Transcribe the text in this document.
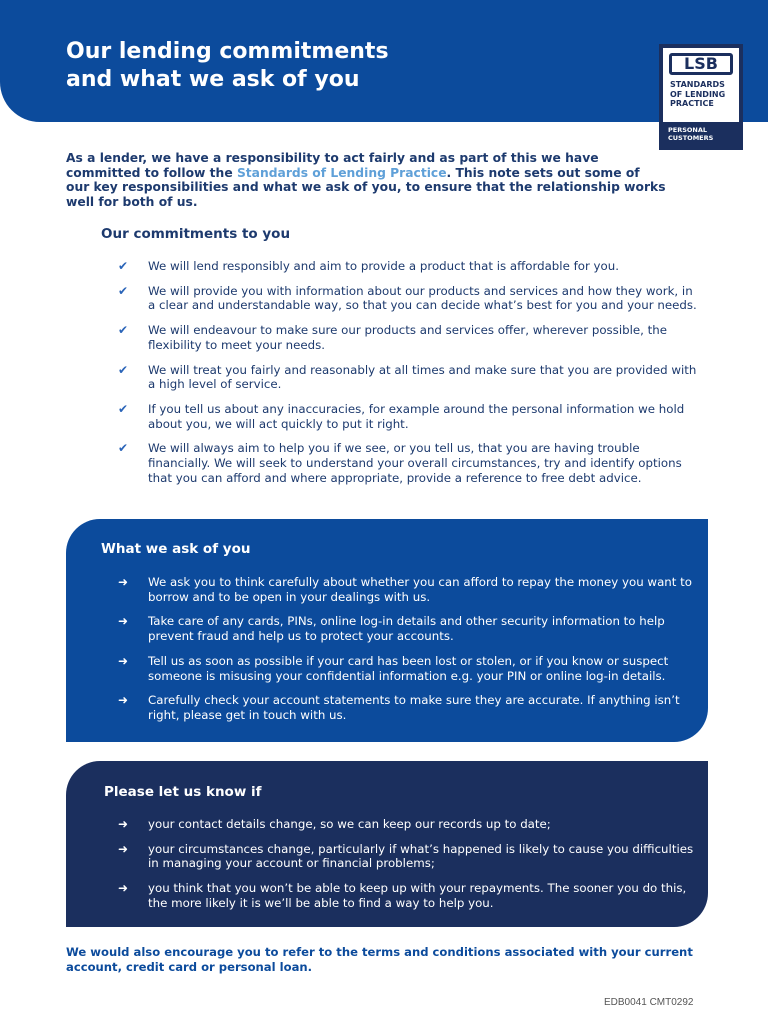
Our lending commitments
and what we ask of you
LSB
STANDARDS
OF LENDING
PRACTICE
PERSONAL
CUSTOMERS
As a lender, we have a responsibility to act fairly and as part of this we have committed to follow the Standards of Lending Practice. This note sets out some of our key responsibilities and what we ask of you, to ensure that the relationship works well for both of us.
Our commitments to you
✔	We will lend responsibly and aim to provide a product that is affordable for you.
✔	We will provide you with information about our products and services and how they work, in a clear and understandable way, so that you can decide what’s best for you and your needs.
✔	We will endeavour to make sure our products and services offer, wherever possible, the flexibility to meet your needs.
✔	We will treat you fairly and reasonably at all times and make sure that you are provided with a high level of service.
✔	If you tell us about any inaccuracies, for example around the personal information we hold about you, we will act quickly to put it right.
✔	We will always aim to help you if we see, or you tell us, that you are having trouble financially. We will seek to understand your overall circumstances, try and identify options that you can afford and where appropriate, provide a reference to free debt advice.
What we ask of you
➜	We ask you to think carefully about whether you can afford to repay the money you want to borrow and to be open in your dealings with us.
➜	Take care of any cards, PINs, online log-in details and other security information to help prevent fraud and help us to protect your accounts.
➜	Tell us as soon as possible if your card has been lost or stolen, or if you know or suspect someone is misusing your confidential information e.g. your PIN or online log-in details.
➜	Carefully check your account statements to make sure they are accurate. If anything isn’t right, please get in touch with us.
Please let us know if
➜	your contact details change, so we can keep our records up to date;
➜	your circumstances change, particularly if what’s happened is likely to cause you difficulties in managing your account or financial problems;
➜	you think that you won’t be able to keep up with your repayments. The sooner you do this, the more likely it is we’ll be able to find a way to help you.
We would also encourage you to refer to the terms and conditions associated with your current account, credit card or personal loan.
EDB0041 CMT0292
